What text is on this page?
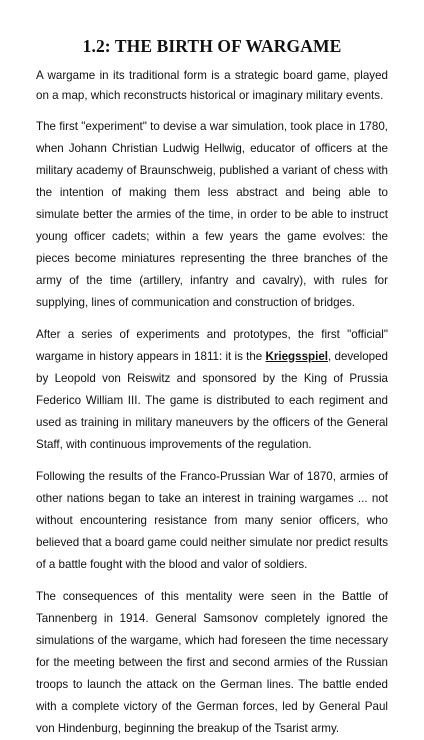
1.2: THE BIRTH OF WARGAME

A wargame in its traditional form is a strategic board game, played on a map, which reconstructs historical or imaginary military events.

The first "experiment" to devise a war simulation, took place in 1780, when Johann Christian Ludwig Hellwig, educator of officers at the military academy of Braunschweig, published a variant of chess with the intention of making them less abstract and being able to simulate better the armies of the time, in order to be able to instruct young officer cadets; within a few years the game evolves: the pieces become miniatures representing the three branches of the army of the time (artillery, infantry and cavalry), with rules for supplying, lines of communication and construction of bridges.

After a series of experiments and prototypes, the first "official" wargame in history appears in 1811: it is the Kriegsspiel, developed by Leopold von Reiswitz and sponsored by the King of Prussia Federico William III. The game is distributed to each regiment and used as training in military maneuvers by the officers of the General Staff, with continuous improvements of the regulation.

Following the results of the Franco-Prussian War of 1870, armies of other nations began to take an interest in training wargames ... not without encountering resistance from many senior officers, who believed that a board game could neither simulate nor predict results of a battle fought with the blood and valor of soldiers.

The consequences of this mentality were seen in the Battle of Tannenberg in 1914. General Samsonov completely ignored the simulations of the wargame, which had foreseen the time necessary for the meeting between the first and second armies of the Russian troops to launch the attack on the German lines. The battle ended with a complete victory of the German forces, led by General Paul von Hindenburg, beginning the breakup of the Tsarist army.
